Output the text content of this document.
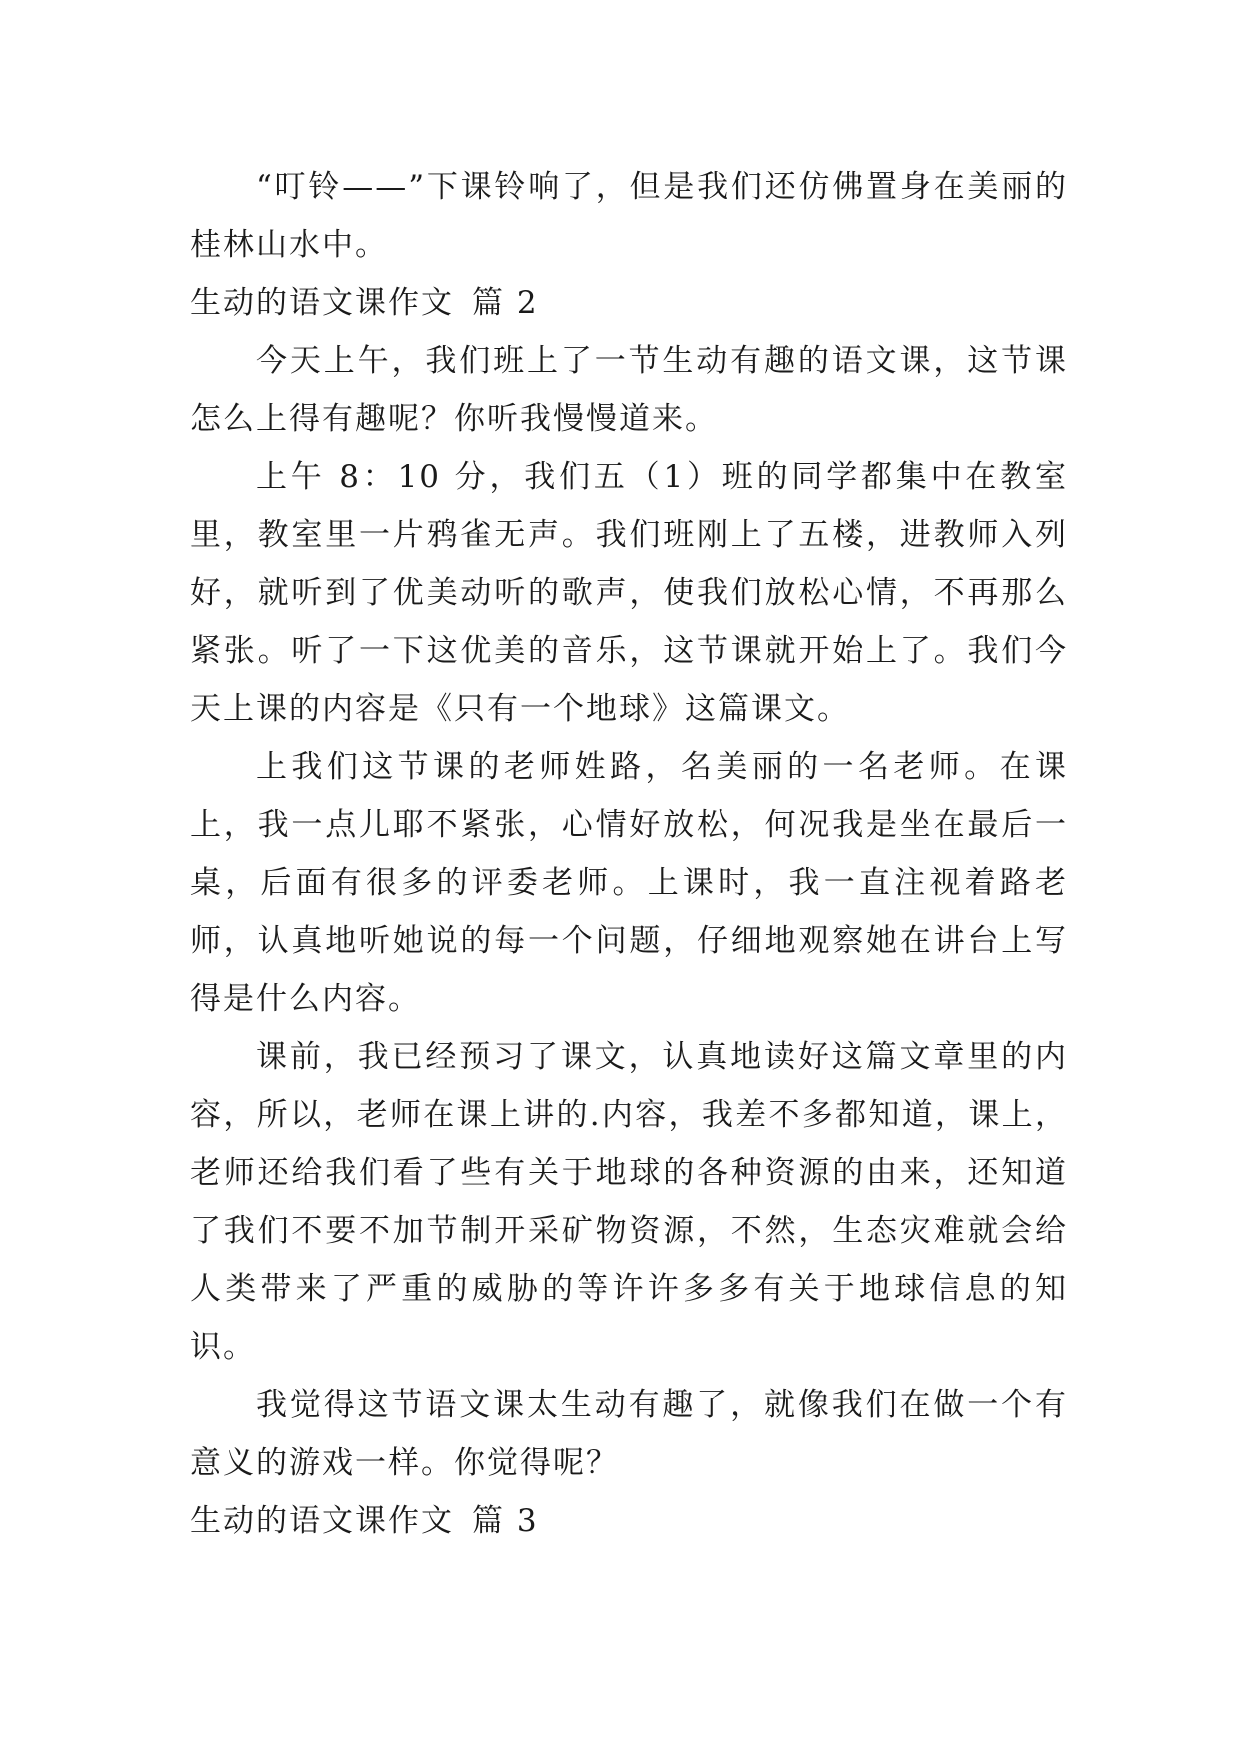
“叮铃——”下课铃响了，但是我们还仿佛置身在美丽的桂林山水中。

生动的语文课作文 篇 2

今天上午，我们班上了一节生动有趣的语文课，这节课怎么上得有趣呢？你听我慢慢道来。

上午 8：10 分，我们五（1）班的同学都集中在教室里，教室里一片鸦雀无声。我们班刚上了五楼，进教师入列好，就听到了优美动听的歌声，使我们放松心情，不再那么紧张。听了一下这优美的音乐，这节课就开始上了。我们今天上课的内容是《只有一个地球》这篇课文。

上我们这节课的老师姓路，名美丽的一名老师。在课上，我一点儿耶不紧张，心情好放松，何况我是坐在最后一桌，后面有很多的评委老师。上课时，我一直注视着路老师，认真地听她说的每一个问题，仔细地观察她在讲台上写得是什么内容。

课前，我已经预习了课文，认真地读好这篇文章里的内容，所以，老师在课上讲的.内容，我差不多都知道，课上，老师还给我们看了些有关于地球的各种资源的由来，还知道了我们不要不加节制开采矿物资源，不然，生态灾难就会给人类带来了严重的威胁的等许许多多有关于地球信息的知识。

我觉得这节语文课太生动有趣了，就像我们在做一个有意义的游戏一样。你觉得呢？

生动的语文课作文 篇 3
